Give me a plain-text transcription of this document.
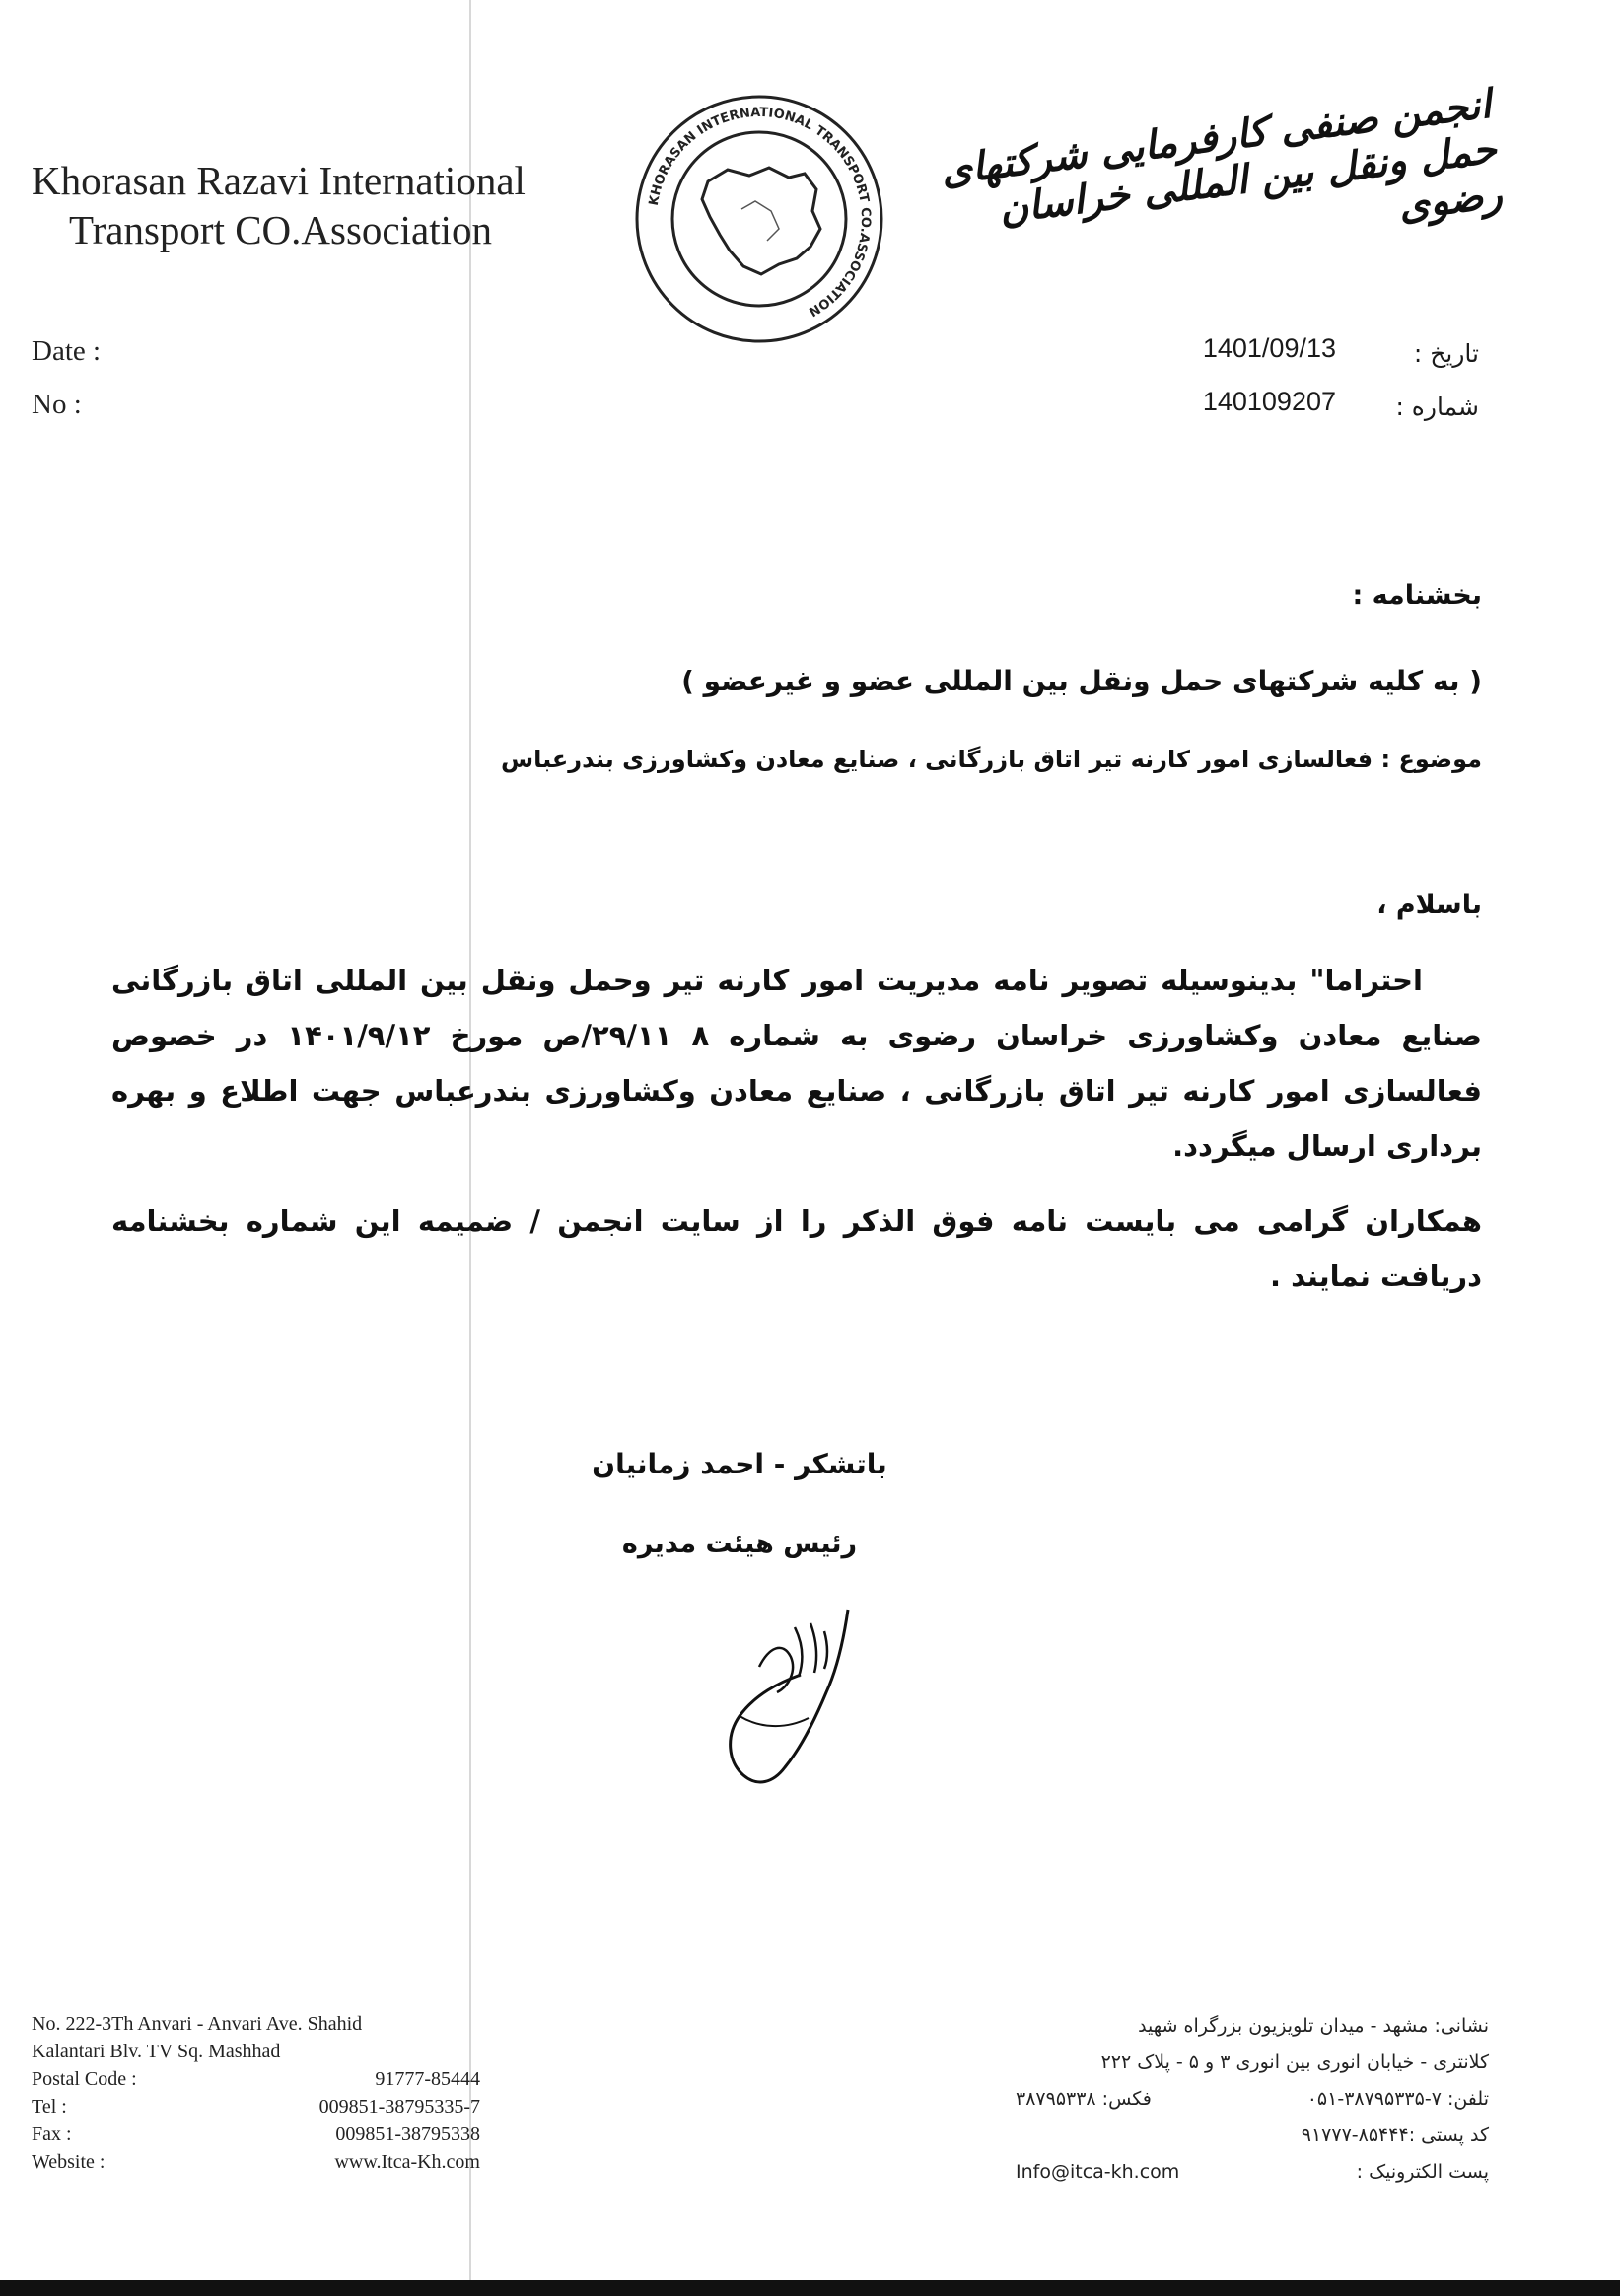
Khorasan Razavi International
Transport CO.Association
KHORASAN INTERNATIONAL TRANSPORT CO.ASSOCIATION
انجمن صنفی کارفرمایی شرکتهای حمل ونقل بین المللی خراسان رضوی
Date :
No :
تاریخ :
1401/09/13
شماره :
140109207
بخشنامه :
( به کلیه شرکتهای حمل ونقل بین المللی عضو و غیرعضو )
موضوع : فعالسازی امور کارنه تیر اتاق بازرگانی ، صنایع معادن وکشاورزی بندرعباس
باسلام ،

احتراما" بدینوسیله تصویر نامه مدیریت امور کارنه تیر وحمل ونقل بین المللی اتاق بازرگانی صنایع معادن وکشاورزی خراسان رضوی به شماره ۸ ۲۹/۱۱/ص مورخ ۱۴۰۱/۹/۱۲ در خصوص فعالسازی امور کارنه تیر اتاق بازرگانی ، صنایع معادن وکشاورزی بندرعباس جهت اطلاع و بهره برداری ارسال میگردد.

همکاران گرامی می بایست نامه فوق الذکر را از سایت انجمن / ضمیمه این شماره بخشنامه دریافت نمایند .

باتشکر - احمد زمانیان
رئیس هیئت مدیره
No. 222-3Th Anvari - Anvari Ave. Shahid
Kalantari Blv. TV Sq. Mashhad
Postal Code :	91777-85444
Tel :	009851-38795335-7
Fax :	009851-38795338
Website :	www.Itca-Kh.com
نشانی: مشهد - میدان تلویزیون بزرگراه شهید
کلانتری - خیابان انوری بین انوری ۳ و ۵ - پلاک ۲۲۲
تلفن: ۷-۳۸۷۹۵۳۳۵-۰۵۱
فکس: ۳۸۷۹۵۳۳۸
کد پستی :
۹۱۷۷۷-۸۵۴۴۴
پست الکترونیک :
Info@itca-kh.com
